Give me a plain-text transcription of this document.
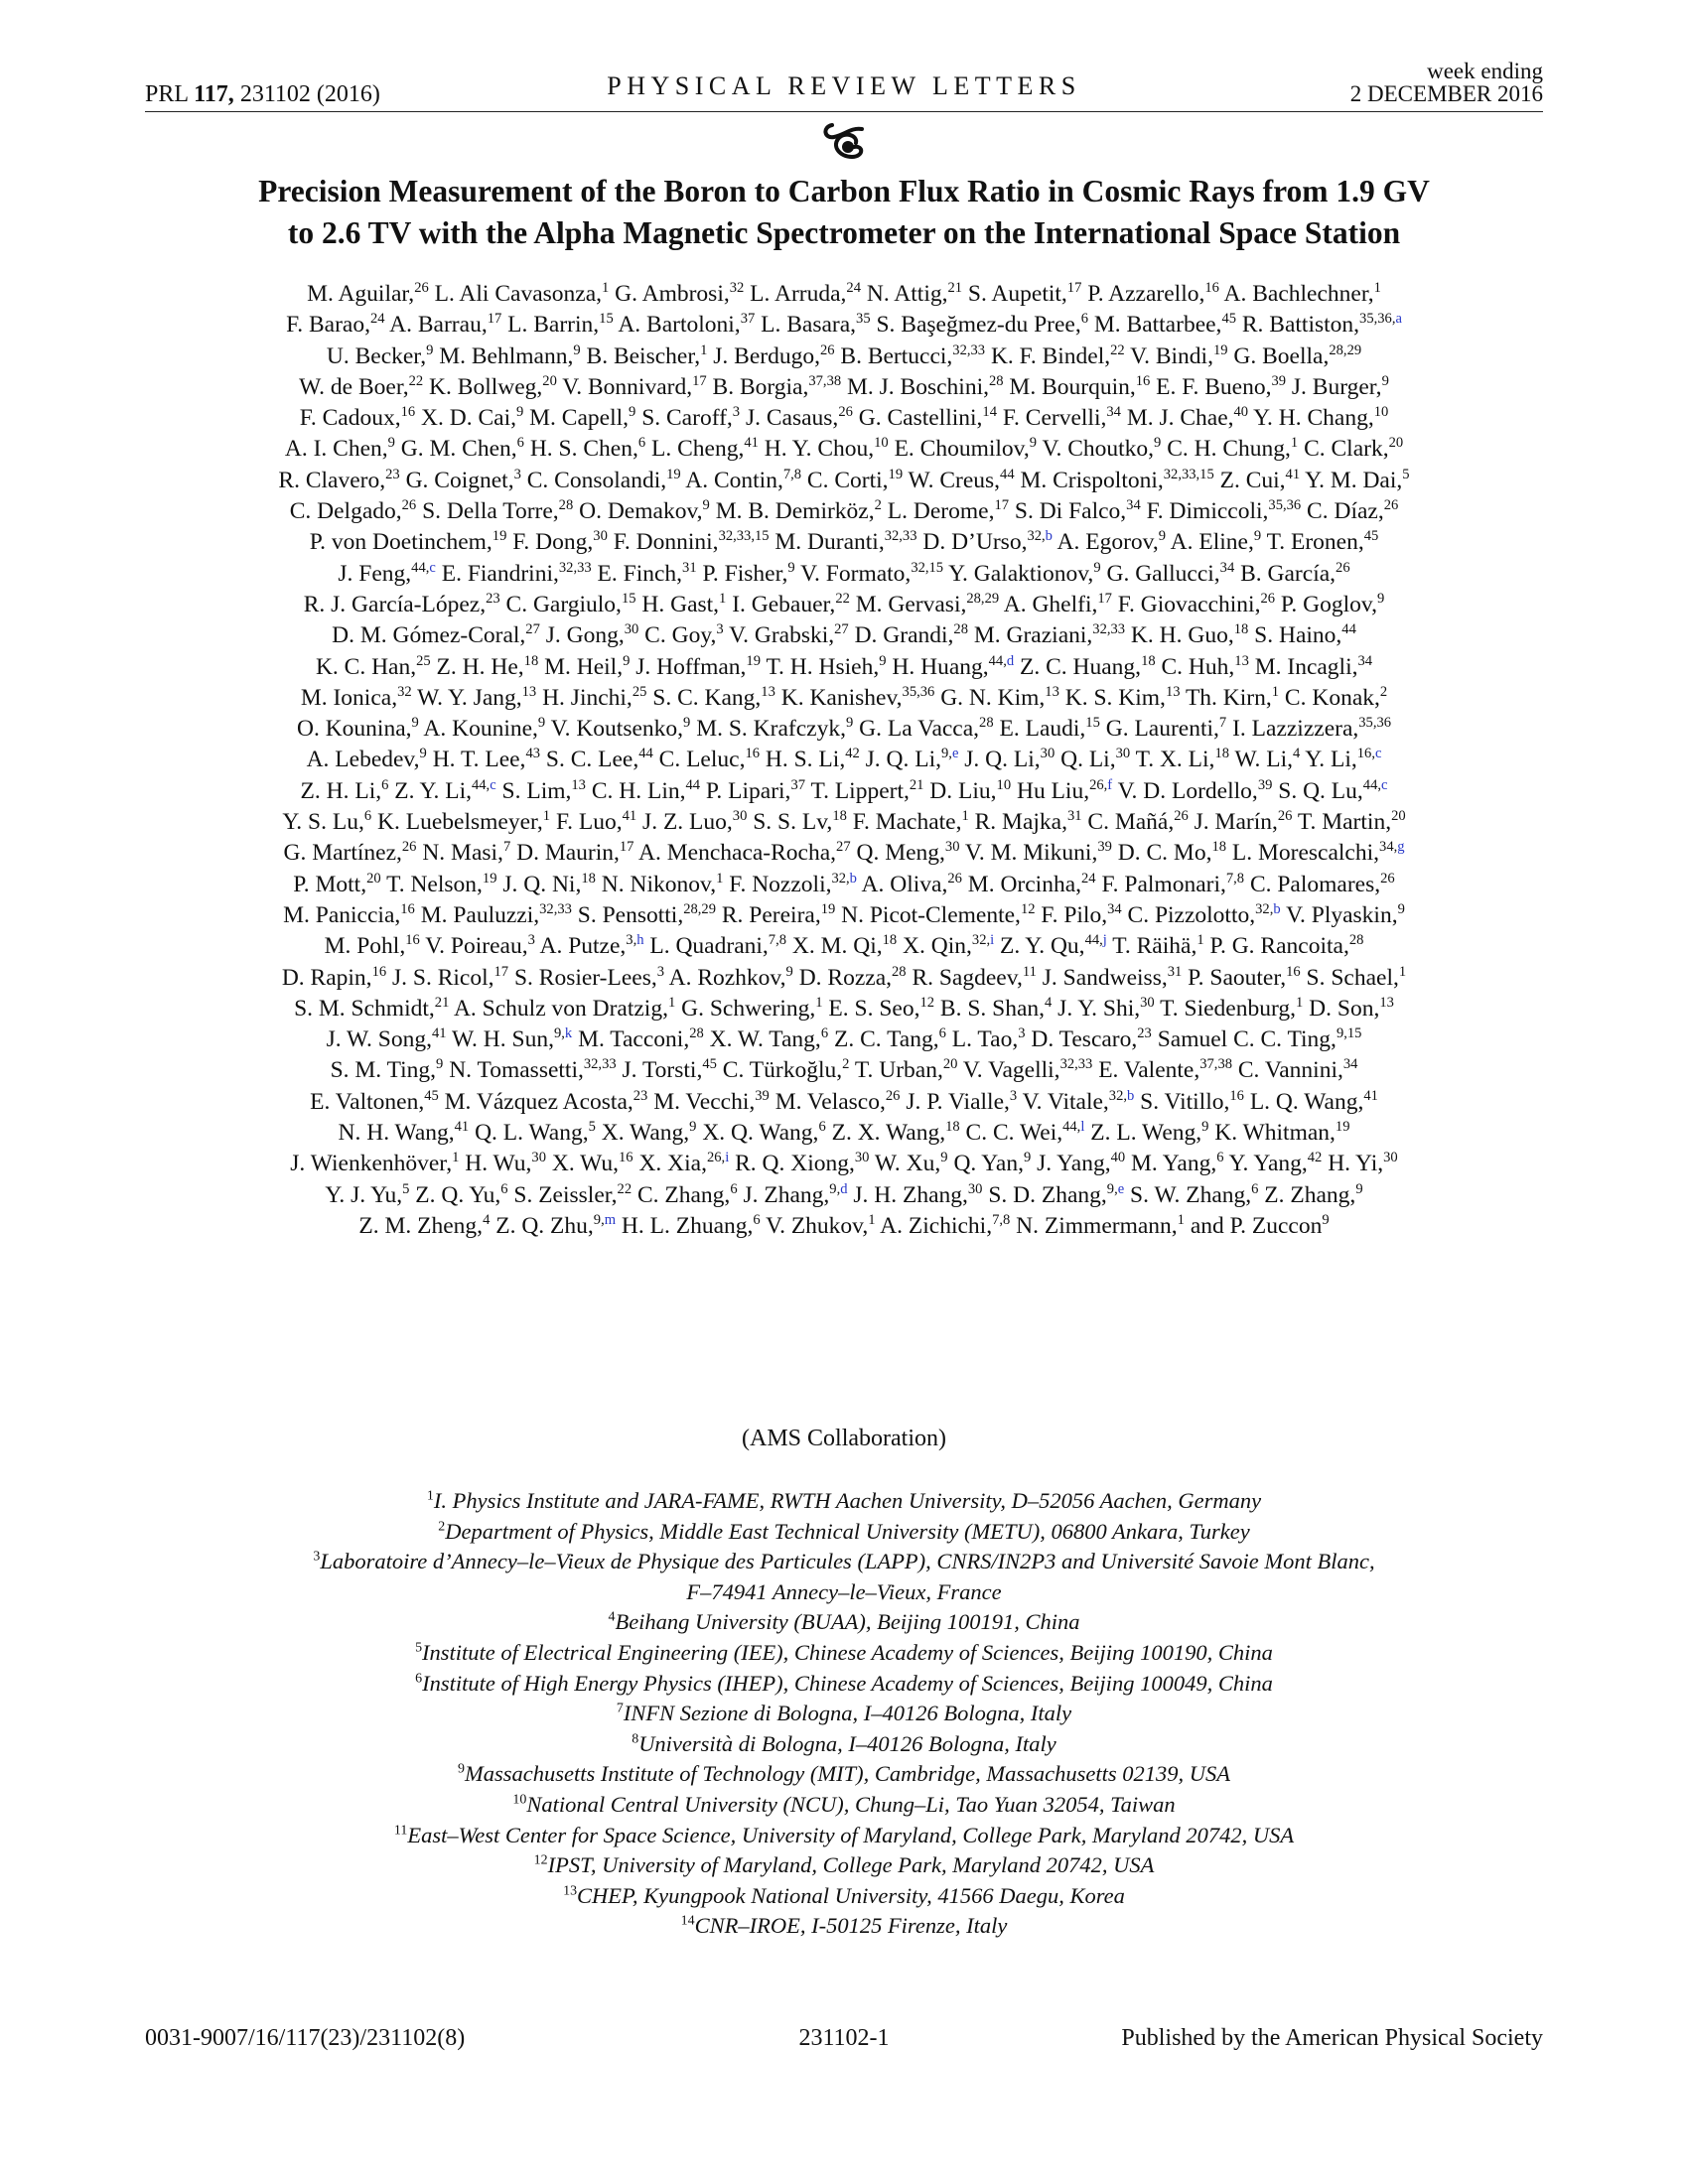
PRL 117, 231102 (2016)	PHYSICAL REVIEW LETTERS
week ending
2 DECEMBER 2016
Precision Measurement of the Boron to Carbon Flux Ratio in Cosmic Rays from 1.9 GV
to 2.6 TV with the Alpha Magnetic Spectrometer on the International Space Station
M. Aguilar,$^{26}$ L. Ali Cavasonza,$^1$ G. Ambrosi,$^{32}$ L. Arruda,$^{24}$ N. Attig,$^{21}$ S. Aupetit,$^{17}$ P. Azzarello,$^{16}$ A. Bachlechner,$^1$
F. Barao,$^{24}$ A. Barrau,$^{17}$ L. Barrin,$^{15}$ A. Bartoloni,$^{37}$ L. Basara,$^{35}$ S. Başeğmez-du Pree,$^6$ M. Battarbee,$^{45}$ R. Battiston,$^{35,36,a}$
U. Becker,$^9$ M. Behlmann,$^9$ B. Beischer,$^1$ J. Berdugo,$^{26}$ B. Bertucci,$^{32,33}$ K. F. Bindel,$^{22}$ V. Bindi,$^{19}$ G. Boella,$^{28,29}$
W. de Boer,$^{22}$ K. Bollweg,$^{20}$ V. Bonnivard,$^{17}$ B. Borgia,$^{37,38}$ M. J. Boschini,$^{28}$ M. Bourquin,$^{16}$ E. F. Bueno,$^{39}$ J. Burger,$^9$
F. Cadoux,$^{16}$ X. D. Cai,$^9$ M. Capell,$^9$ S. Caroff,$^3$ J. Casaus,$^{26}$ G. Castellini,$^{14}$ F. Cervelli,$^{34}$ M. J. Chae,$^{40}$ Y. H. Chang,$^{10}$
A. I. Chen,$^9$ G. M. Chen,$^6$ H. S. Chen,$^6$ L. Cheng,$^{41}$ H. Y. Chou,$^{10}$ E. Choumilov,$^9$ V. Choutko,$^9$ C. H. Chung,$^1$ C. Clark,$^{20}$
R. Clavero,$^{23}$ G. Coignet,$^3$ C. Consolandi,$^{19}$ A. Contin,$^{7,8}$ C. Corti,$^{19}$ W. Creus,$^{44}$ M. Crispoltoni,$^{32,33,15}$ Z. Cui,$^{41}$ Y. M. Dai,$^5$
C. Delgado,$^{26}$ S. Della Torre,$^{28}$ O. Demakov,$^9$ M. B. Demirköz,$^2$ L. Derome,$^{17}$ S. Di Falco,$^{34}$ F. Dimiccoli,$^{35,36}$ C. Díaz,$^{26}$
P. von Doetinchem,$^{19}$ F. Dong,$^{30}$ F. Donnini,$^{32,33,15}$ M. Duranti,$^{32,33}$ D. D’Urso,$^{32,b}$ A. Egorov,$^9$ A. Eline,$^9$ T. Eronen,$^{45}$
J. Feng,$^{44,c}$ E. Fiandrini,$^{32,33}$ E. Finch,$^{31}$ P. Fisher,$^9$ V. Formato,$^{32,15}$ Y. Galaktionov,$^9$ G. Gallucci,$^{34}$ B. García,$^{26}$
R. J. García-López,$^{23}$ C. Gargiulo,$^{15}$ H. Gast,$^1$ I. Gebauer,$^{22}$ M. Gervasi,$^{28,29}$ A. Ghelfi,$^{17}$ F. Giovacchini,$^{26}$ P. Goglov,$^9$
D. M. Gómez-Coral,$^{27}$ J. Gong,$^{30}$ C. Goy,$^3$ V. Grabski,$^{27}$ D. Grandi,$^{28}$ M. Graziani,$^{32,33}$ K. H. Guo,$^{18}$ S. Haino,$^{44}$
K. C. Han,$^{25}$ Z. H. He,$^{18}$ M. Heil,$^9$ J. Hoffman,$^{19}$ T. H. Hsieh,$^9$ H. Huang,$^{44,d}$ Z. C. Huang,$^{18}$ C. Huh,$^{13}$ M. Incagli,$^{34}$
M. Ionica,$^{32}$ W. Y. Jang,$^{13}$ H. Jinchi,$^{25}$ S. C. Kang,$^{13}$ K. Kanishev,$^{35,36}$ G. N. Kim,$^{13}$ K. S. Kim,$^{13}$ Th. Kirn,$^1$ C. Konak,$^2$
O. Kounina,$^9$ A. Kounine,$^9$ V. Koutsenko,$^9$ M. S. Krafczyk,$^9$ G. La Vacca,$^{28}$ E. Laudi,$^{15}$ G. Laurenti,$^7$ I. Lazzizzera,$^{35,36}$
A. Lebedev,$^9$ H. T. Lee,$^{43}$ S. C. Lee,$^{44}$ C. Leluc,$^{16}$ H. S. Li,$^{42}$ J. Q. Li,$^{9,e}$ J. Q. Li,$^{30}$ Q. Li,$^{30}$ T. X. Li,$^{18}$ W. Li,$^4$ Y. Li,$^{16,c}$
Z. H. Li,$^6$ Z. Y. Li,$^{44,c}$ S. Lim,$^{13}$ C. H. Lin,$^{44}$ P. Lipari,$^{37}$ T. Lippert,$^{21}$ D. Liu,$^{10}$ Hu Liu,$^{26,f}$ V. D. Lordello,$^{39}$ S. Q. Lu,$^{44,c}$
Y. S. Lu,$^6$ K. Luebelsmeyer,$^1$ F. Luo,$^{41}$ J. Z. Luo,$^{30}$ S. S. Lv,$^{18}$ F. Machate,$^1$ R. Majka,$^{31}$ C. Mañá,$^{26}$ J. Marín,$^{26}$ T. Martin,$^{20}$
G. Martínez,$^{26}$ N. Masi,$^7$ D. Maurin,$^{17}$ A. Menchaca-Rocha,$^{27}$ Q. Meng,$^{30}$ V. M. Mikuni,$^{39}$ D. C. Mo,$^{18}$ L. Morescalchi,$^{34,g}$
P. Mott,$^{20}$ T. Nelson,$^{19}$ J. Q. Ni,$^{18}$ N. Nikonov,$^1$ F. Nozzoli,$^{32,b}$ A. Oliva,$^{26}$ M. Orcinha,$^{24}$ F. Palmonari,$^{7,8}$ C. Palomares,$^{26}$
M. Paniccia,$^{16}$ M. Pauluzzi,$^{32,33}$ S. Pensotti,$^{28,29}$ R. Pereira,$^{19}$ N. Picot-Clemente,$^{12}$ F. Pilo,$^{34}$ C. Pizzolotto,$^{32,b}$ V. Plyaskin,$^9$
M. Pohl,$^{16}$ V. Poireau,$^3$ A. Putze,$^{3,h}$ L. Quadrani,$^{7,8}$ X. M. Qi,$^{18}$ X. Qin,$^{32,i}$ Z. Y. Qu,$^{44,j}$ T. Räihä,$^1$ P. G. Rancoita,$^{28}$
D. Rapin,$^{16}$ J. S. Ricol,$^{17}$ S. Rosier-Lees,$^3$ A. Rozhkov,$^9$ D. Rozza,$^{28}$ R. Sagdeev,$^{11}$ J. Sandweiss,$^{31}$ P. Saouter,$^{16}$ S. Schael,$^1$
S. M. Schmidt,$^{21}$ A. Schulz von Dratzig,$^1$ G. Schwering,$^1$ E. S. Seo,$^{12}$ B. S. Shan,$^4$ J. Y. Shi,$^{30}$ T. Siedenburg,$^1$ D. Son,$^{13}$
J. W. Song,$^{41}$ W. H. Sun,$^{9,k}$ M. Tacconi,$^{28}$ X. W. Tang,$^6$ Z. C. Tang,$^6$ L. Tao,$^3$ D. Tescaro,$^{23}$ Samuel C. C. Ting,$^{9,15}$
S. M. Ting,$^9$ N. Tomassetti,$^{32,33}$ J. Torsti,$^{45}$ C. Türkoğlu,$^2$ T. Urban,$^{20}$ V. Vagelli,$^{32,33}$ E. Valente,$^{37,38}$ C. Vannini,$^{34}$
E. Valtonen,$^{45}$ M. Vázquez Acosta,$^{23}$ M. Vecchi,$^{39}$ M. Velasco,$^{26}$ J. P. Vialle,$^3$ V. Vitale,$^{32,b}$ S. Vitillo,$^{16}$ L. Q. Wang,$^{41}$
N. H. Wang,$^{41}$ Q. L. Wang,$^5$ X. Wang,$^9$ X. Q. Wang,$^6$ Z. X. Wang,$^{18}$ C. C. Wei,$^{44,l}$ Z. L. Weng,$^9$ K. Whitman,$^{19}$
J. Wienkenhöver,$^1$ H. Wu,$^{30}$ X. Wu,$^{16}$ X. Xia,$^{26,i}$ R. Q. Xiong,$^{30}$ W. Xu,$^9$ Q. Yan,$^9$ J. Yang,$^{40}$ M. Yang,$^6$ Y. Yang,$^{42}$ H. Yi,$^{30}$
Y. J. Yu,$^5$ Z. Q. Yu,$^6$ S. Zeissler,$^{22}$ C. Zhang,$^6$ J. Zhang,$^{9,d}$ J. H. Zhang,$^{30}$ S. D. Zhang,$^{9,e}$ S. W. Zhang,$^6$ Z. Zhang,$^9$
Z. M. Zheng,$^4$ Z. Q. Zhu,$^{9,m}$ H. L. Zhuang,$^6$ V. Zhukov,$^1$ A. Zichichi,$^{7,8}$ N. Zimmermann,$^1$ and P. Zuccon$^9$
(AMS Collaboration)
$^1$I. Physics Institute and JARA-FAME, RWTH Aachen University, D–52056 Aachen, Germany
$^2$Department of Physics, Middle East Technical University (METU), 06800 Ankara, Turkey
$^3$Laboratoire d’Annecy–le–Vieux de Physique des Particules (LAPP), CNRS/IN2P3 and Université Savoie Mont Blanc,
F–74941 Annecy–le–Vieux, France
$^4$Beihang University (BUAA), Beijing 100191, China
$^5$Institute of Electrical Engineering (IEE), Chinese Academy of Sciences, Beijing 100190, China
$^6$Institute of High Energy Physics (IHEP), Chinese Academy of Sciences, Beijing 100049, China
$^7$INFN Sezione di Bologna, I–40126 Bologna, Italy
$^8$Università di Bologna, I–40126 Bologna, Italy
$^9$Massachusetts Institute of Technology (MIT), Cambridge, Massachusetts 02139, USA
$^{10}$National Central University (NCU), Chung–Li, Tao Yuan 32054, Taiwan
$^{11}$East–West Center for Space Science, University of Maryland, College Park, Maryland 20742, USA
$^{12}$IPST, University of Maryland, College Park, Maryland 20742, USA
$^{13}$CHEP, Kyungpook National University, 41566 Daegu, Korea
$^{14}$CNR–IROE, I-50125 Firenze, Italy
0031-9007/16/117(23)/231102(8)	231102-1	Published by the American Physical Society
